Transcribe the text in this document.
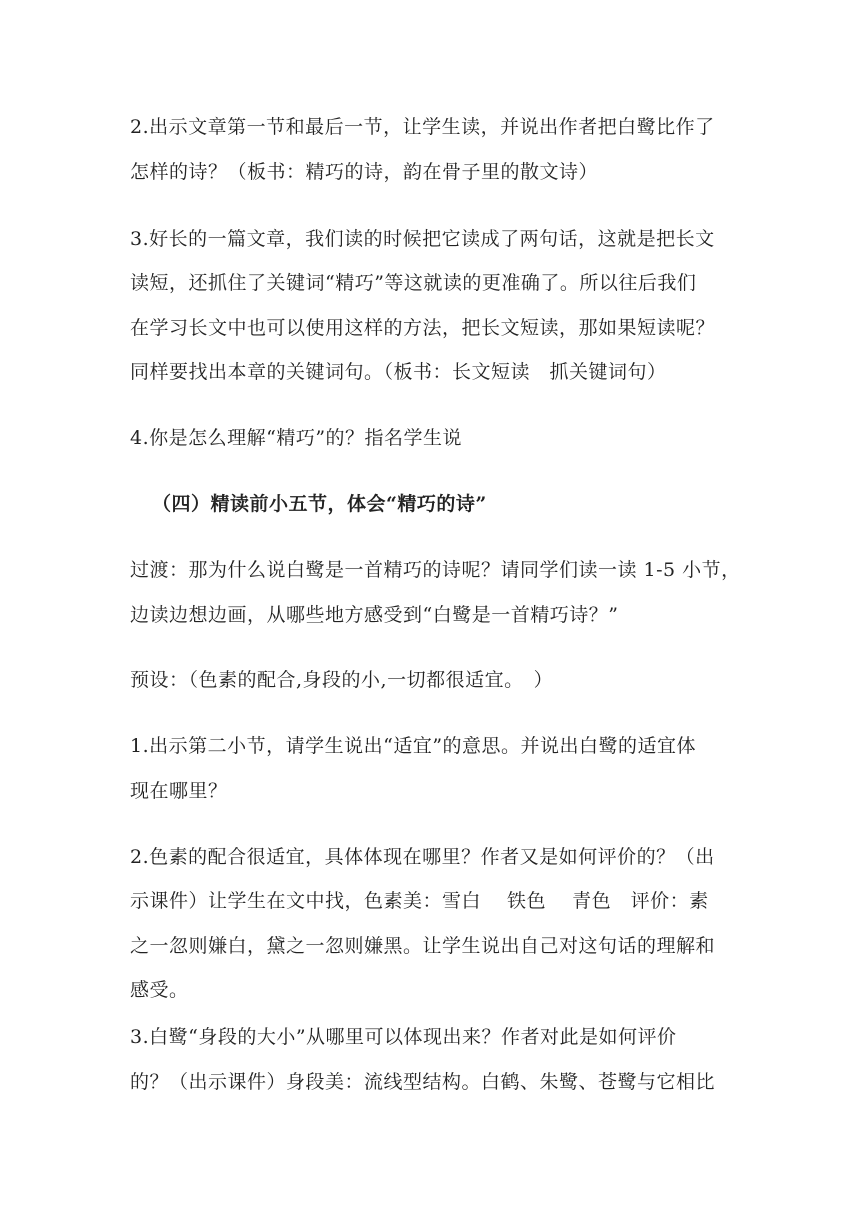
2.出示文章第一节和最后一节，让学生读，并说出作者把白鹭比作了
怎样的诗？（板书：精巧的诗，韵在骨子里的散文诗）
3.好长的一篇文章，我们读的时候把它读成了两句话，这就是把长文
读短，还抓住了关键词“精巧”等这就读的更准确了。所以往后我们
在学习长文中也可以使用这样的方法，把长文短读，那如果短读呢？
同样要找出本章的关键词句。（板书：长文短读　抓关键词句）
4.你是怎么理解“精巧”的？指名学生说
（四）精读前小五节，体会“精巧的诗”
过渡：那为什么说白鹭是一首精巧的诗呢？请同学们读一读 1-5 小节，
边读边想边画，从哪些地方感受到“白鹭是一首精巧诗？”
预设：（色素的配合,身段的小,一切都很适宜。　）
1.出示第二小节，请学生说出“适宜”的意思。并说出白鹭的适宜体
现在哪里？
2.色素的配合很适宜，具体体现在哪里？作者又是如何评价的？（出
示课件）让学生在文中找，色素美：雪白　 铁色　 青色　评价：素
之一忽则嫌白，黛之一忽则嫌黑。让学生说出自己对这句话的理解和
感受。
3.白鹭“身段的大小”从哪里可以体现出来？作者对此是如何评价
的？（出示课件）身段美：流线型结构。白鹤、朱鹭、苍鹭与它相比
